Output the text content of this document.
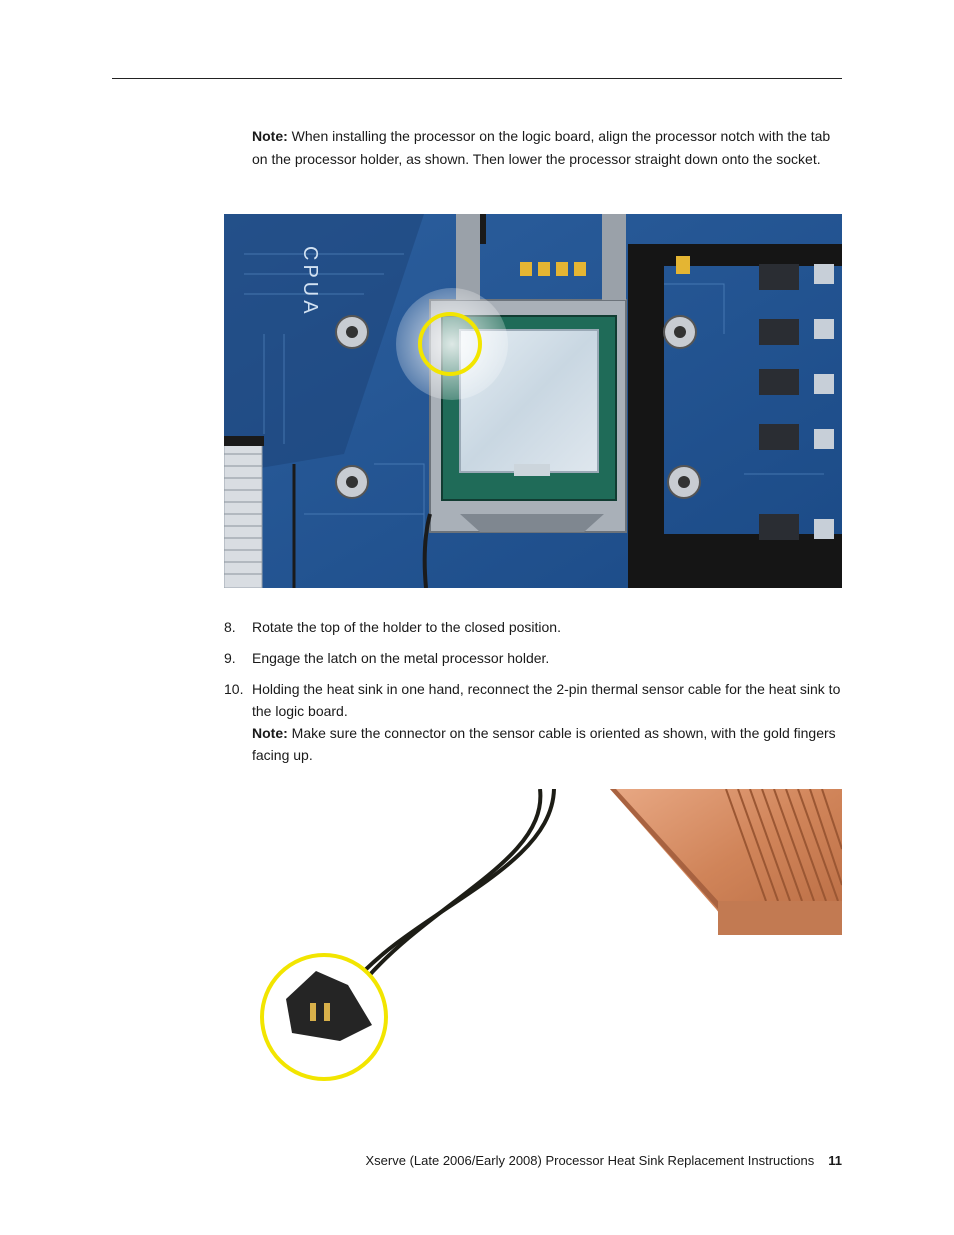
Note: When installing the processor on the logic board, align the processor notch with the tab on the processor holder, as shown. Then lower the processor straight down onto the socket.

CPUA
8. Rotate the top of the holder to the closed position.
9. Engage the latch on the metal processor holder.
10. Holding the heat sink in one hand, reconnect the 2-pin thermal sensor cable for the heat sink to the logic board.
Note: Make sure the connector on the sensor cable is oriented as shown, with the gold fingers facing up.
Xserve (Late 2006/Early 2008) Processor Heat Sink Replacement Instructions 11
